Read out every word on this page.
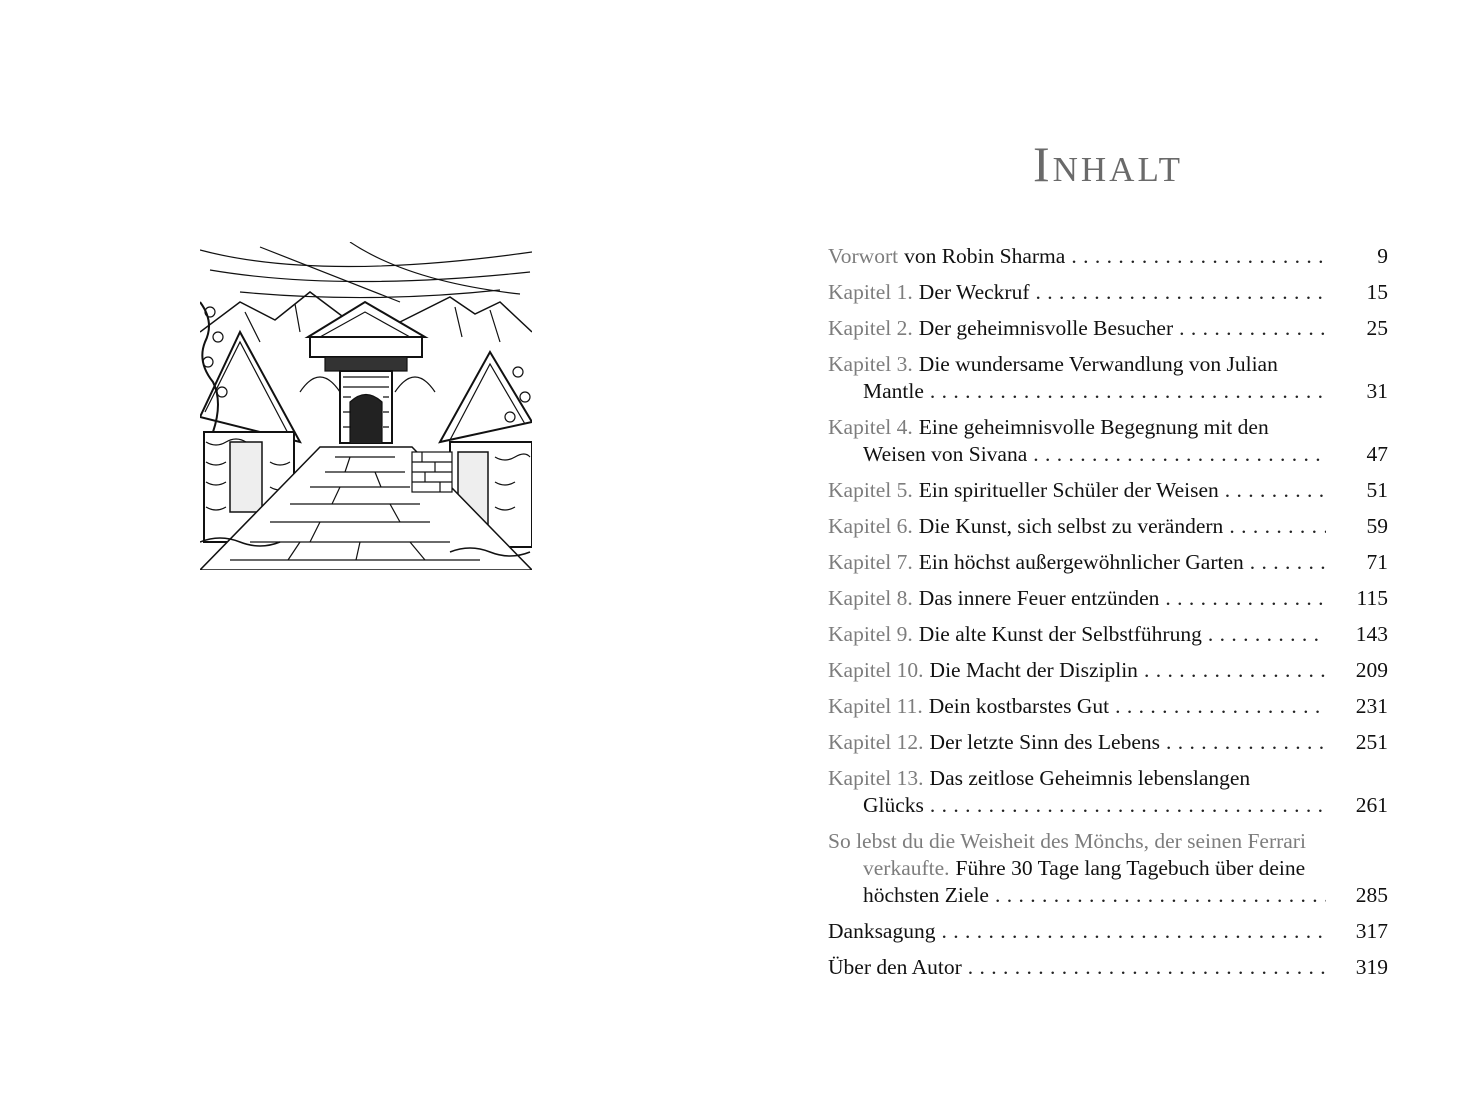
Inhalt
Vorwort von Robin Sharma . . .	9
Kapitel 1. Der Weckruf . . .	15
Kapitel 2. Der geheimnisvolle Besucher . . .	25
Kapitel 3. Die wundersame Verwandlung von Julian
Mantle . . .	31
Kapitel 4. Eine geheimnisvolle Begegnung mit den
Weisen von Sivana . . .	47
Kapitel 5. Ein spiritueller Schüler der Weisen . . .	51
Kapitel 6. Die Kunst, sich selbst zu verändern . . .	59
Kapitel 7. Ein höchst außergewöhnlicher Garten . . .	71
Kapitel 8. Das innere Feuer entzünden . . .	115
Kapitel 9. Die alte Kunst der Selbstführung . . .	143
Kapitel 10. Die Macht der Disziplin . . .	209
Kapitel 11. Dein kostbarstes Gut . . .	231
Kapitel 12. Der letzte Sinn des Lebens . . .	251
Kapitel 13. Das zeitlose Geheimnis lebenslangen
Glücks . . .	261
So lebst du die Weisheit des Mönchs, der seinen Ferrari
verkaufte. Führe 30 Tage lang Tagebuch über deine
höchsten Ziele . . .	285
Danksagung . . .	317
Über den Autor . . .	319
